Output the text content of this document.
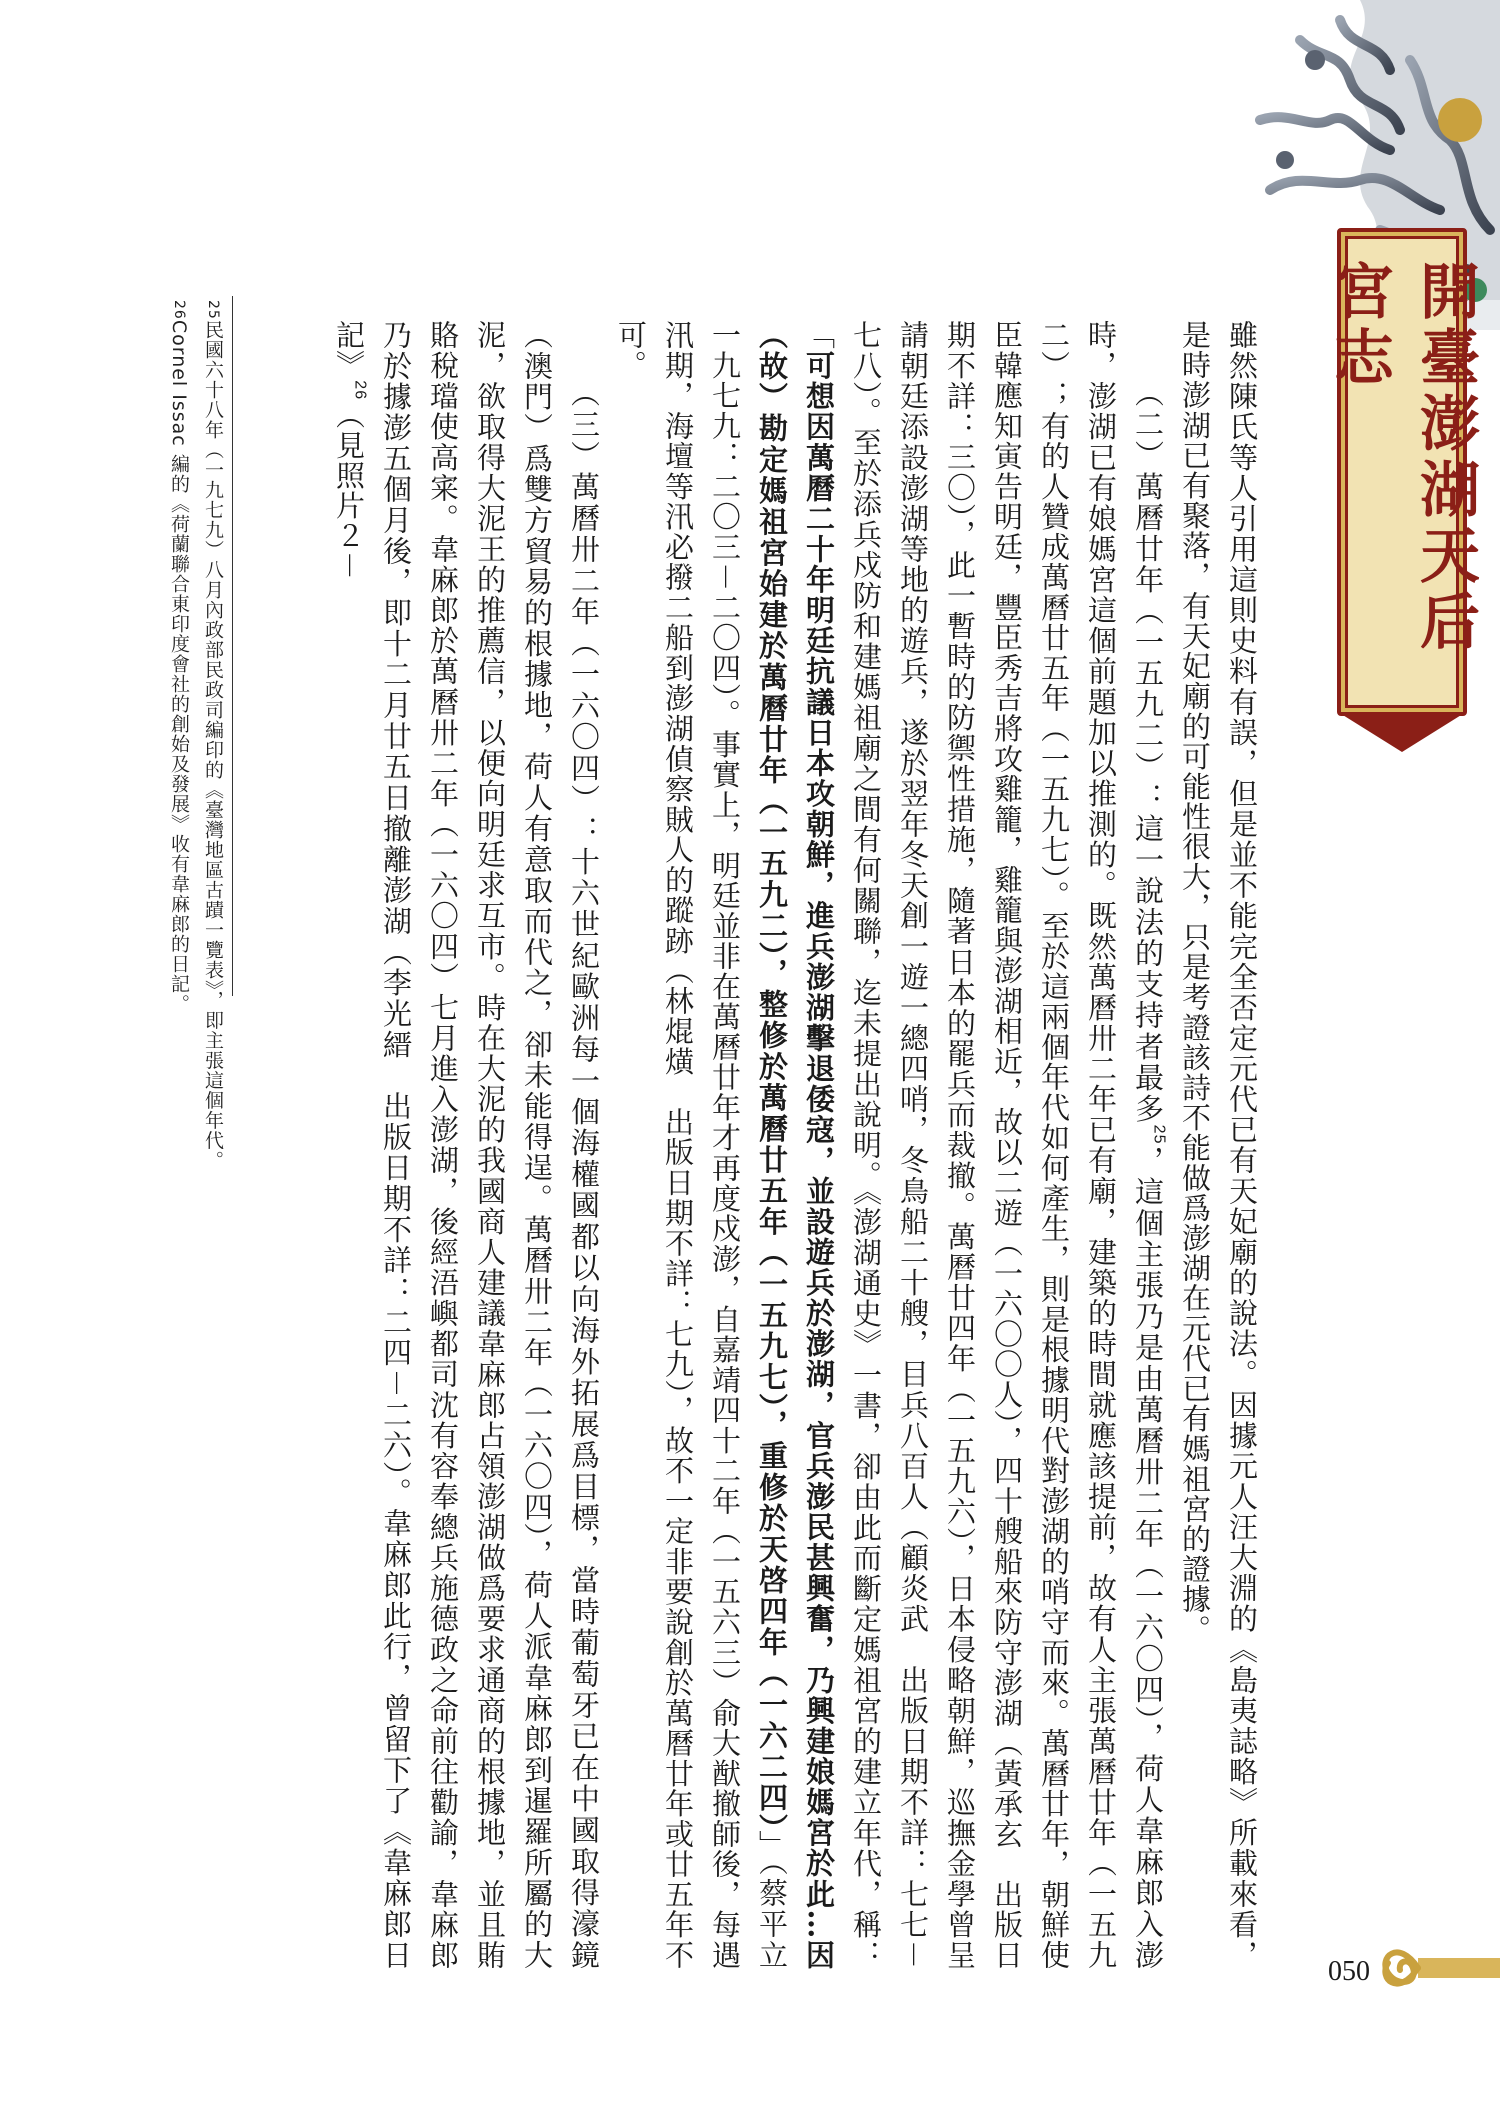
開臺澎湖天后宮志

雖然陳氏等人引用這則史料有誤，但是並不能完全否定元代已有天妃廟的說法。因據元人汪大淵的《島夷誌略》所載來看，是時澎湖已有聚落，有天妃廟的可能性很大，只是考證該詩不能做爲澎湖在元代已有媽祖宮的證據。

（二）萬曆廿年（一五九二）：這一說法的支持者最多$^{25}$，這個主張乃是由萬曆卅二年（一六〇四），荷人韋麻郎入澎時，澎湖已有娘媽宮這個前題加以推測的。既然萬曆卅二年已有廟，建築的時間就應該提前，故有人主張萬曆廿年（一五九二）；有的人贊成萬曆廿五年（一五九七）。至於這兩個年代如何產生，則是根據明代對澎湖的哨守而來。萬曆廿年，朝鮮使臣韓應知寅告明廷，豐臣秀吉將攻雞籠，雞籠與澎湖相近，故以二遊（一六〇〇人），四十艘船來防守澎湖（黃承玄　出版日期不詳：三〇），此一暫時的防禦性措施，隨著日本的罷兵而裁撤。萬曆廿四年（一五九六），日本侵略朝鮮，巡撫金學曾呈請朝廷添設澎湖等地的遊兵，遂於翌年冬天創一遊一總四哨，冬鳥船二十艘，目兵八百人（顧炎武　出版日期不詳：七七－七八）。至於添兵戍防和建媽祖廟之間有何關聯，迄未提出說明。《澎湖通史》一書，卻由此而斷定媽祖宮的建立年代，稱：「可想因萬曆二十年明廷抗議日本攻朝鮮，進兵澎湖擊退倭寇，並設遊兵於澎湖，官兵澎民甚興奮，乃興建娘媽宮於此…因（故）勘定媽祖宮始建於萬曆廿年（一五九二），整修於萬曆廿五年（一五九七），重修於天啓四年（一六二四）」（蔡平立　一九七九：二〇三－二〇四）。事實上，明廷並非在萬曆廿年才再度戍澎，自嘉靖四十二年（一五六三）俞大猷撤師後，每遇汛期，海壇等汛必撥二船到澎湖偵察賊人的蹤跡（林焜熿　出版日期不詳：七九），故不一定非要說創於萬曆廿年或廿五年不可。

（三）萬曆卅二年（一六〇四）：十六世紀歐洲每一個海權國都以向海外拓展爲目標，當時葡萄牙已在中國取得濠鏡（澳門）爲雙方貿易的根據地，荷人有意取而代之，卻未能得逞。萬曆卅二年（一六〇四），荷人派韋麻郎到暹羅所屬的大泥，欲取得大泥王的推薦信，以便向明廷求互市。時在大泥的我國商人建議韋麻郎占領澎湖做爲要求通商的根據地，並且賄賂稅璫使高宷。韋麻郎於萬曆卅二年（一六〇四）七月進入澎湖，後經浯嶼都司沈有容奉總兵施德政之命前往勸諭，韋麻郎乃於據澎五個月後，即十二月廿五日撤離澎湖（李光縉　出版日期不詳：二四－二六）。韋麻郎此行，曾留下了《韋麻郎日記》$^{26}$（見照片２－

25民國六十八年（一九七九）八月內政部民政司編印的《臺灣地區古蹟一覽表》，即主張這個年代。
26Cornel Issac 編的《荷蘭聯合東印度會社的創始及發展》收有韋麻郎的日記。
050
